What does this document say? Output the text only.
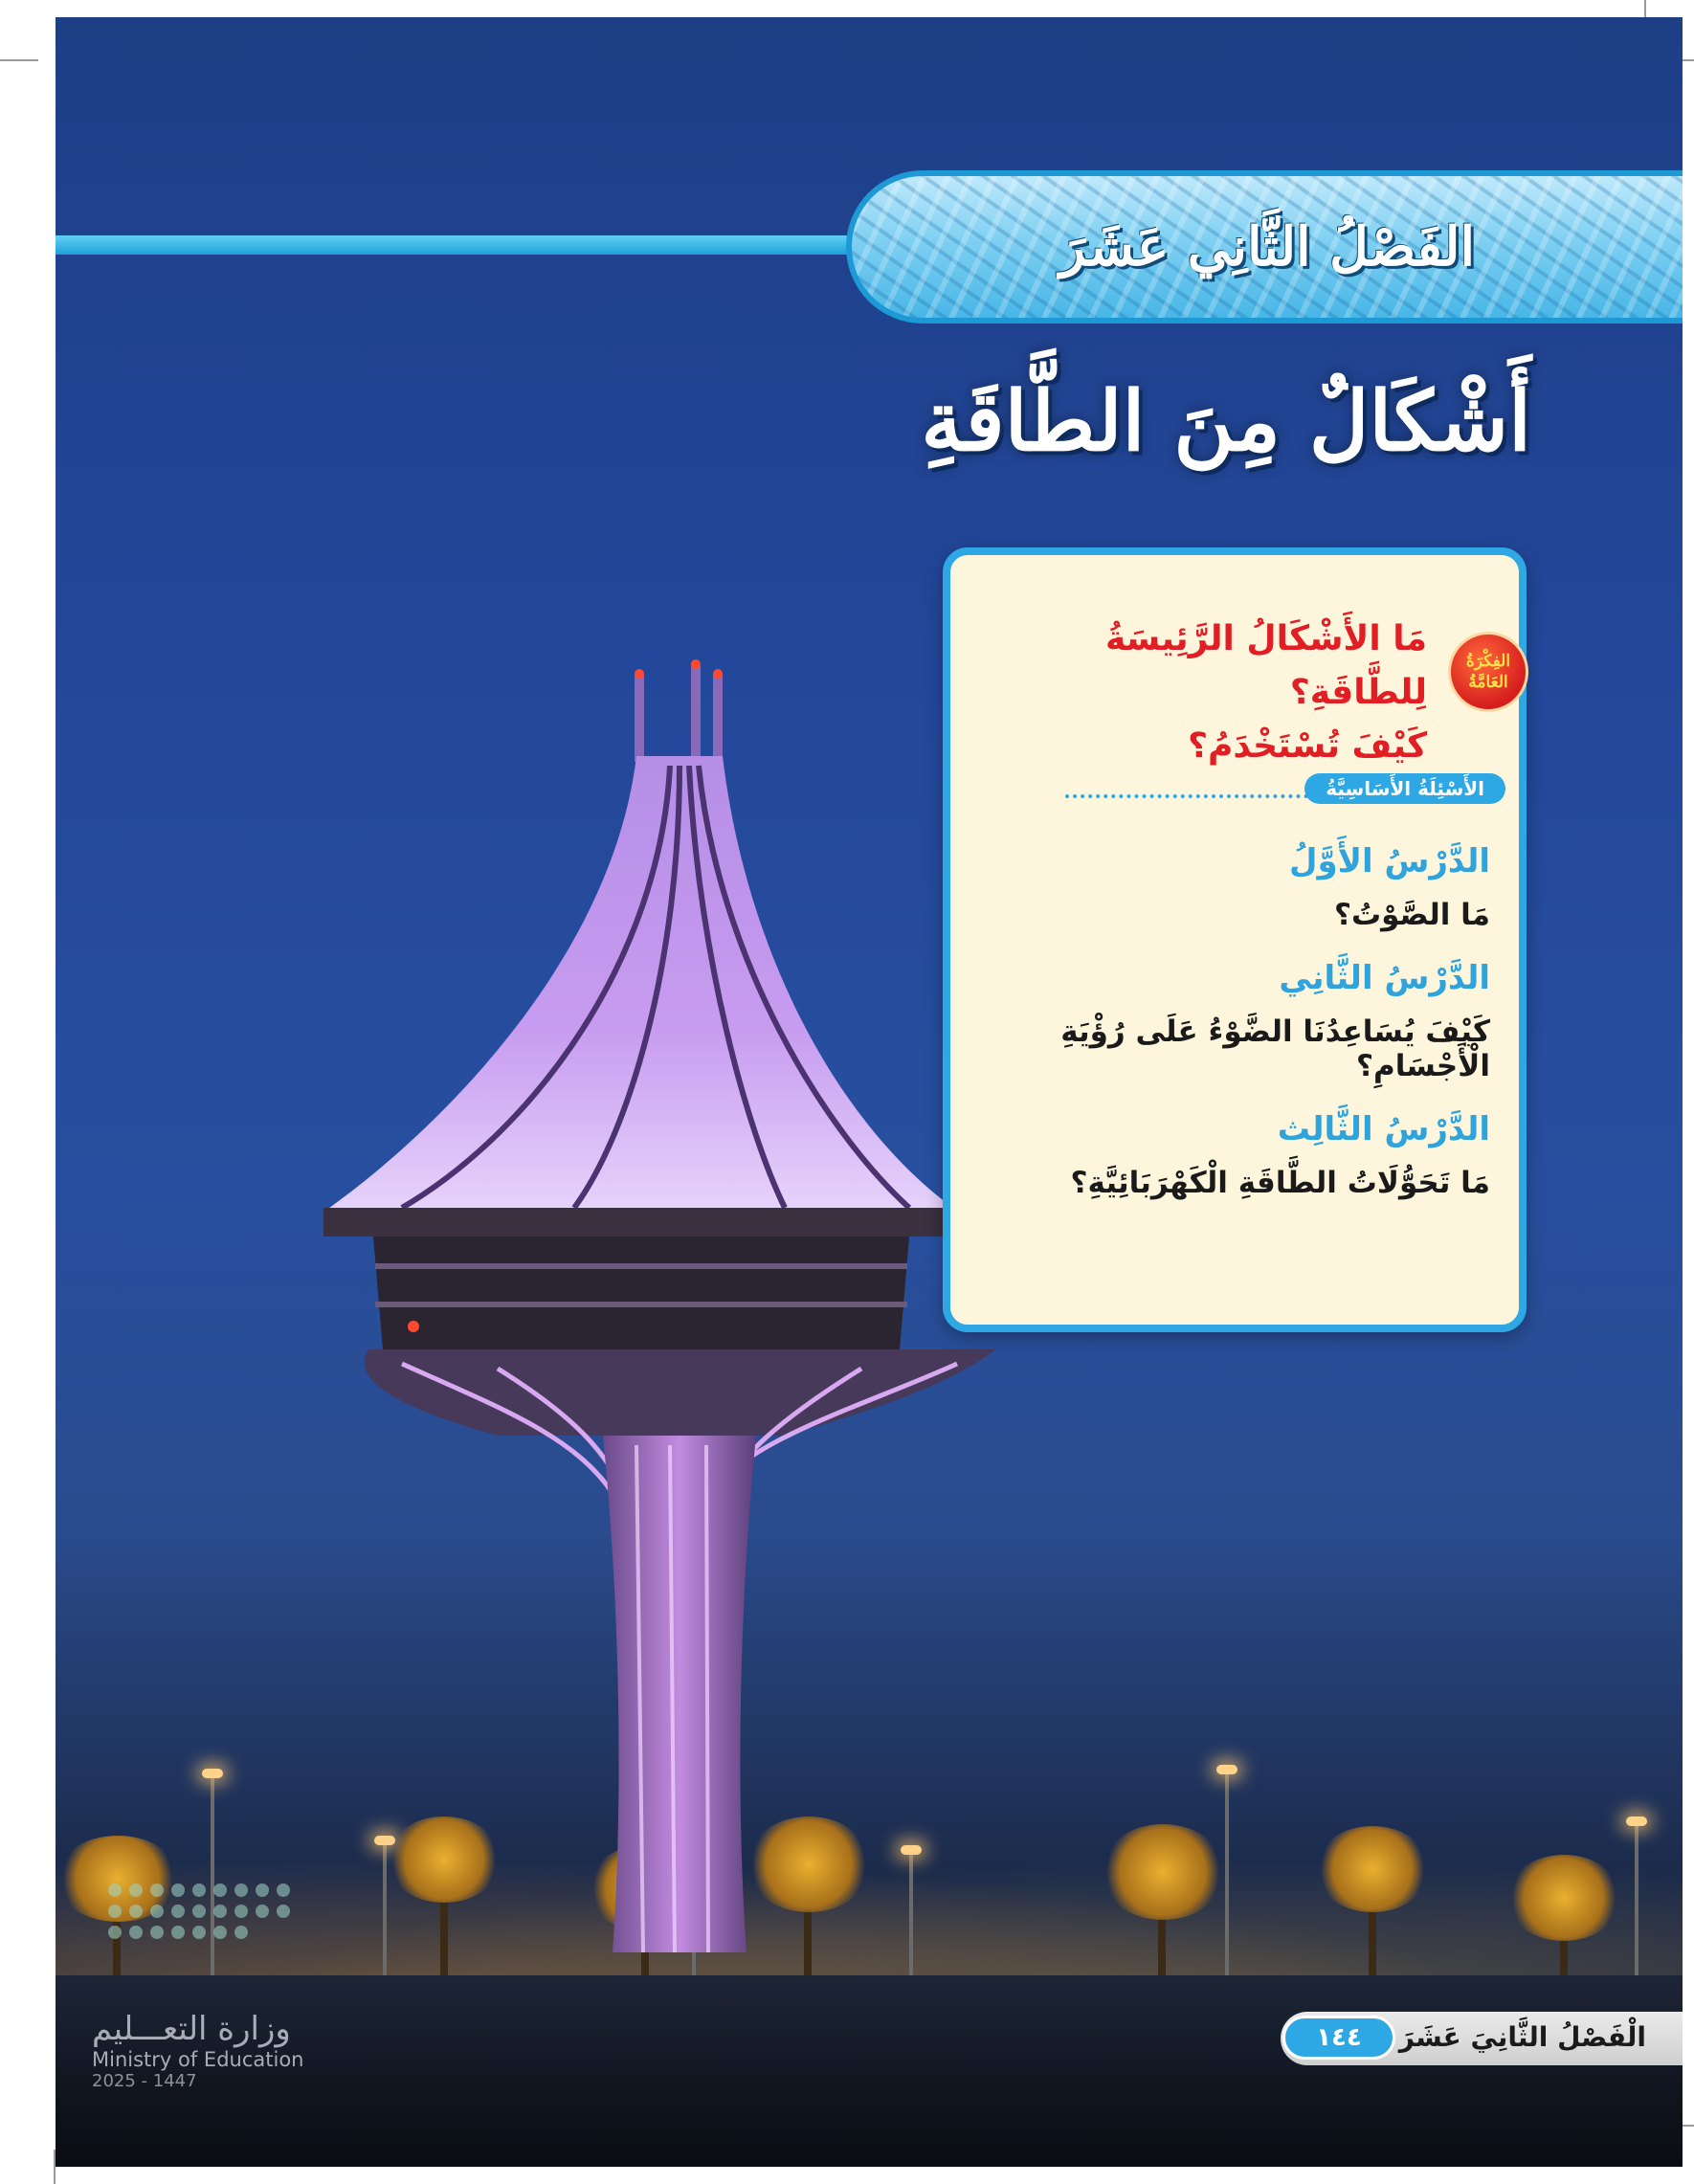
الفَصْلُ الثَّانِي عَشَرَ
أَشْكَالٌ مِنَ الطَّاقَةِ
الفِكْرَةُ
العَامَّةُ
مَا الأَشْكَالُ الرَّئِيسَةُ لِلطَّاقَةِ؟
كَيْفَ تُسْتَخْدَمُ؟
الأَسْئِلَةُ الأَسَاسِيَّةُ
الدَّرْسُ الأَوَّلُ
مَا الصَّوْتُ؟
الدَّرْسُ الثَّانِي
كَيْفَ يُسَاعِدُنَا الضَّوْءُ عَلَى رُؤْيَةِ الْأَجْسَامِ؟
الدَّرْسُ الثَّالِث
مَا تَحَوُّلَاتُ الطَّاقَةِ الْكَهْرَبَائِيَّةِ؟
وزارة التعـــليم
Ministry of Education
2025 - 1447
الْفَصْلُ الثَّانِيَ عَشَرَ
١٤٤
